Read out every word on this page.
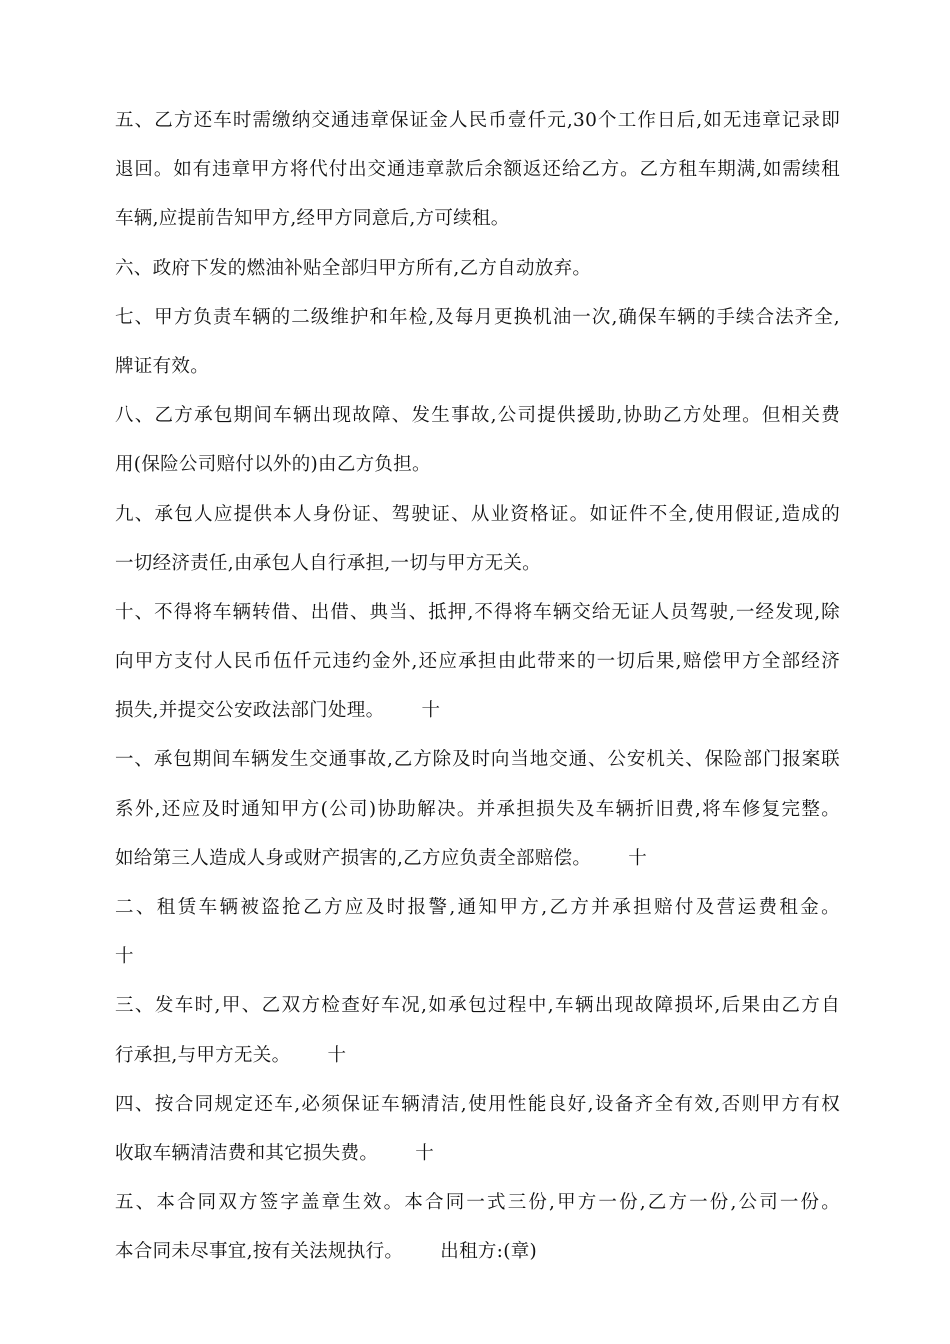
五、乙方还车时需缴纳交通违章保证金人民币壹仟元,30个工作日后,如无违章记录即
退回。如有违章甲方将代付出交通违章款后余额返还给乙方。乙方租车期满,如需续租
车辆,应提前告知甲方,经甲方同意后,方可续租。
六、政府下发的燃油补贴全部归甲方所有,乙方自动放弃。
七、甲方负责车辆的二级维护和年检,及每月更换机油一次,确保车辆的手续合法齐全,
牌证有效。
八、乙方承包期间车辆出现故障、发生事故,公司提供援助,协助乙方处理。但相关费
用(保险公司赔付以外的)由乙方负担。
九、承包人应提供本人身份证、驾驶证、从业资格证。如证件不全,使用假证,造成的
一切经济责任,由承包人自行承担,一切与甲方无关。
十、不得将车辆转借、出借、典当、抵押,不得将车辆交给无证人员驾驶,一经发现,除
向甲方支付人民币伍仟元违约金外,还应承担由此带来的一切后果,赔偿甲方全部经济
损失,并提交公安政法部门处理。      十
一、承包期间车辆发生交通事故,乙方除及时向当地交通、公安机关、保险部门报案联
系外,还应及时通知甲方(公司)协助解决。并承担损失及车辆折旧费,将车修复完整。
如给第三人造成人身或财产损害的,乙方应负责全部赔偿。      十
二、租赁车辆被盗抢乙方应及时报警,通知甲方,乙方并承担赔付及营运费租金。
十
三、发车时,甲、乙双方检查好车况,如承包过程中,车辆出现故障损坏,后果由乙方自
行承担,与甲方无关。      十
四、按合同规定还车,必须保证车辆清洁,使用性能良好,设备齐全有效,否则甲方有权
收取车辆清洁费和其它损失费。      十
五、本合同双方签字盖章生效。本合同一式三份,甲方一份,乙方一份,公司一份。
本合同未尽事宜,按有关法规执行。      出租方:(章)
